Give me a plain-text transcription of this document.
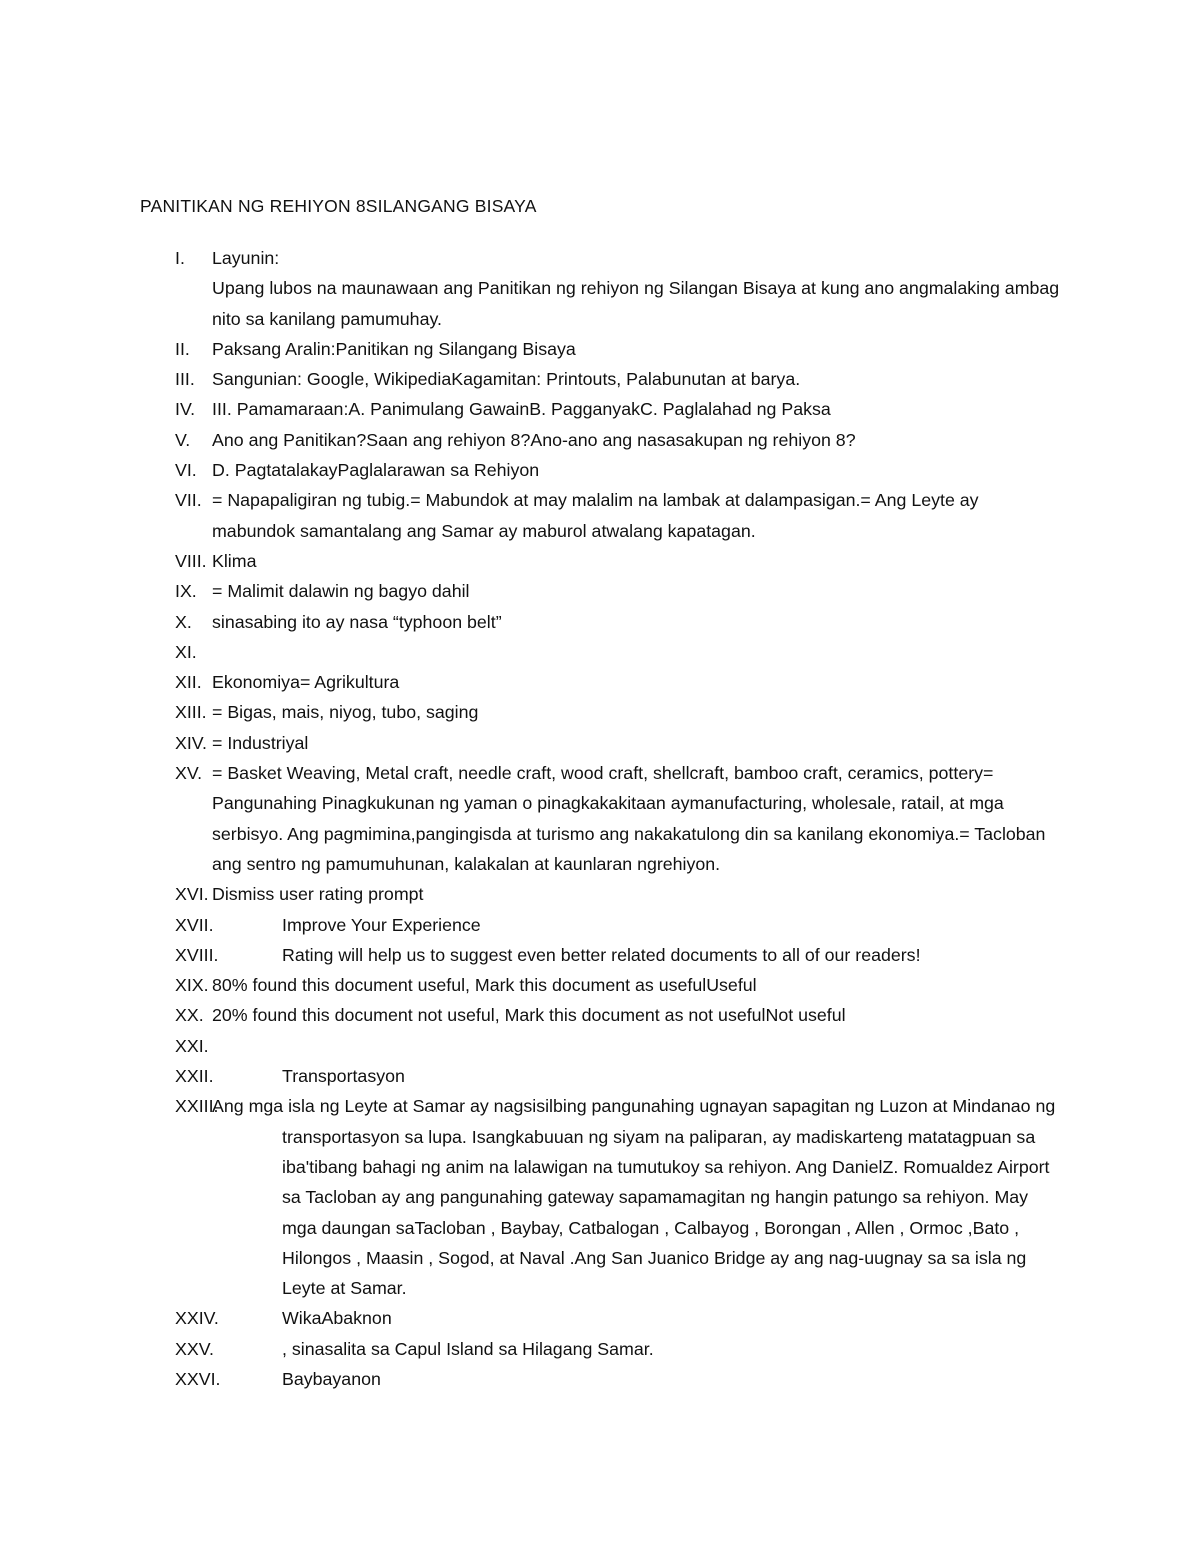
PANITIKAN NG REHIYON 8SILANGANG BISAYA
I.	Layunin:
Upang lubos na maunawaan ang Panitikan ng rehiyon ng Silangan Bisaya at kung ano angmalaking ambag nito sa kanilang pamumuhay.
II.	Paksang Aralin:Panitikan ng Silangang Bisaya
III. Sangunian: Google, WikipediaKagamitan: Printouts, Palabunutan at barya.
IV. III. Pamamaraan:A. Panimulang GawainB. PagganyakC. Paglalahad ng Paksa
V.	Ano ang Panitikan?Saan ang rehiyon 8?Ano-ano ang nasasakupan ng rehiyon 8?
VI. D. PagtatalakayPaglalarawan sa Rehiyon
VII. = Napapaligiran ng tubig.= Mabundok at may malalim na lambak at dalampasigan.= Ang Leyte ay mabundok samantalang ang Samar ay maburol atwalang kapatagan.
VIII. Klima
IX. = Malimit dalawin ng bagyo dahil
X.	sinasabing ito ay nasa “typhoon belt”
XI.
XII. Ekonomiya= Agrikultura
XIII. = Bigas, mais, niyog, tubo, saging
XIV. = Industriyal
XV. = Basket Weaving, Metal craft, needle craft, wood craft, shellcraft, bamboo craft, ceramics, pottery= Pangunahing Pinagkukunan ng yaman o pinagkakakitaan aymanufacturing, wholesale, ratail, at mga serbisyo. Ang pagmimina,pangingisda at turismo ang nakakatulong din sa kanilang ekonomiya.= Tacloban ang sentro ng pamumuhunan, kalakalan at kaunlaran ngrehiyon.
XVI. Dismiss user rating prompt
XVII.	Improve Your Experience
XVIII.	Rating will help us to suggest even better related documents to all of our readers!
XIX. 80% found this document useful, Mark this document as usefulUseful
XX. 20% found this document not useful, Mark this document as not usefulNot useful
XXI.
XXII.	Transportasyon
XXIII.
Ang mga isla ng Leyte at Samar ay nagsisilbing pangunahing ugnayan sapagitan ng Luzon at Mindanao ng transportasyon sa lupa. Isangkabuuan ng siyam na paliparan, ay madiskarteng matatagpuan sa iba'tibang bahagi ng anim na lalawigan na tumutukoy sa rehiyon. Ang DanielZ. Romualdez Airport sa Tacloban ay ang pangunahing gateway sapamamagitan ng hangin patungo sa rehiyon. May mga daungan saTacloban , Baybay, Catbalogan , Calbayog , Borongan , Allen , Ormoc ,Bato , Hilongos , Maasin , Sogod, at Naval .Ang San Juanico Bridge ay ang nag-uugnay sa sa isla ng Leyte at Samar.
XXIV.	WikaAbaknon
XXV.	, sinasalita sa Capul Island sa Hilagang Samar.
XXVI.	Baybayanon
